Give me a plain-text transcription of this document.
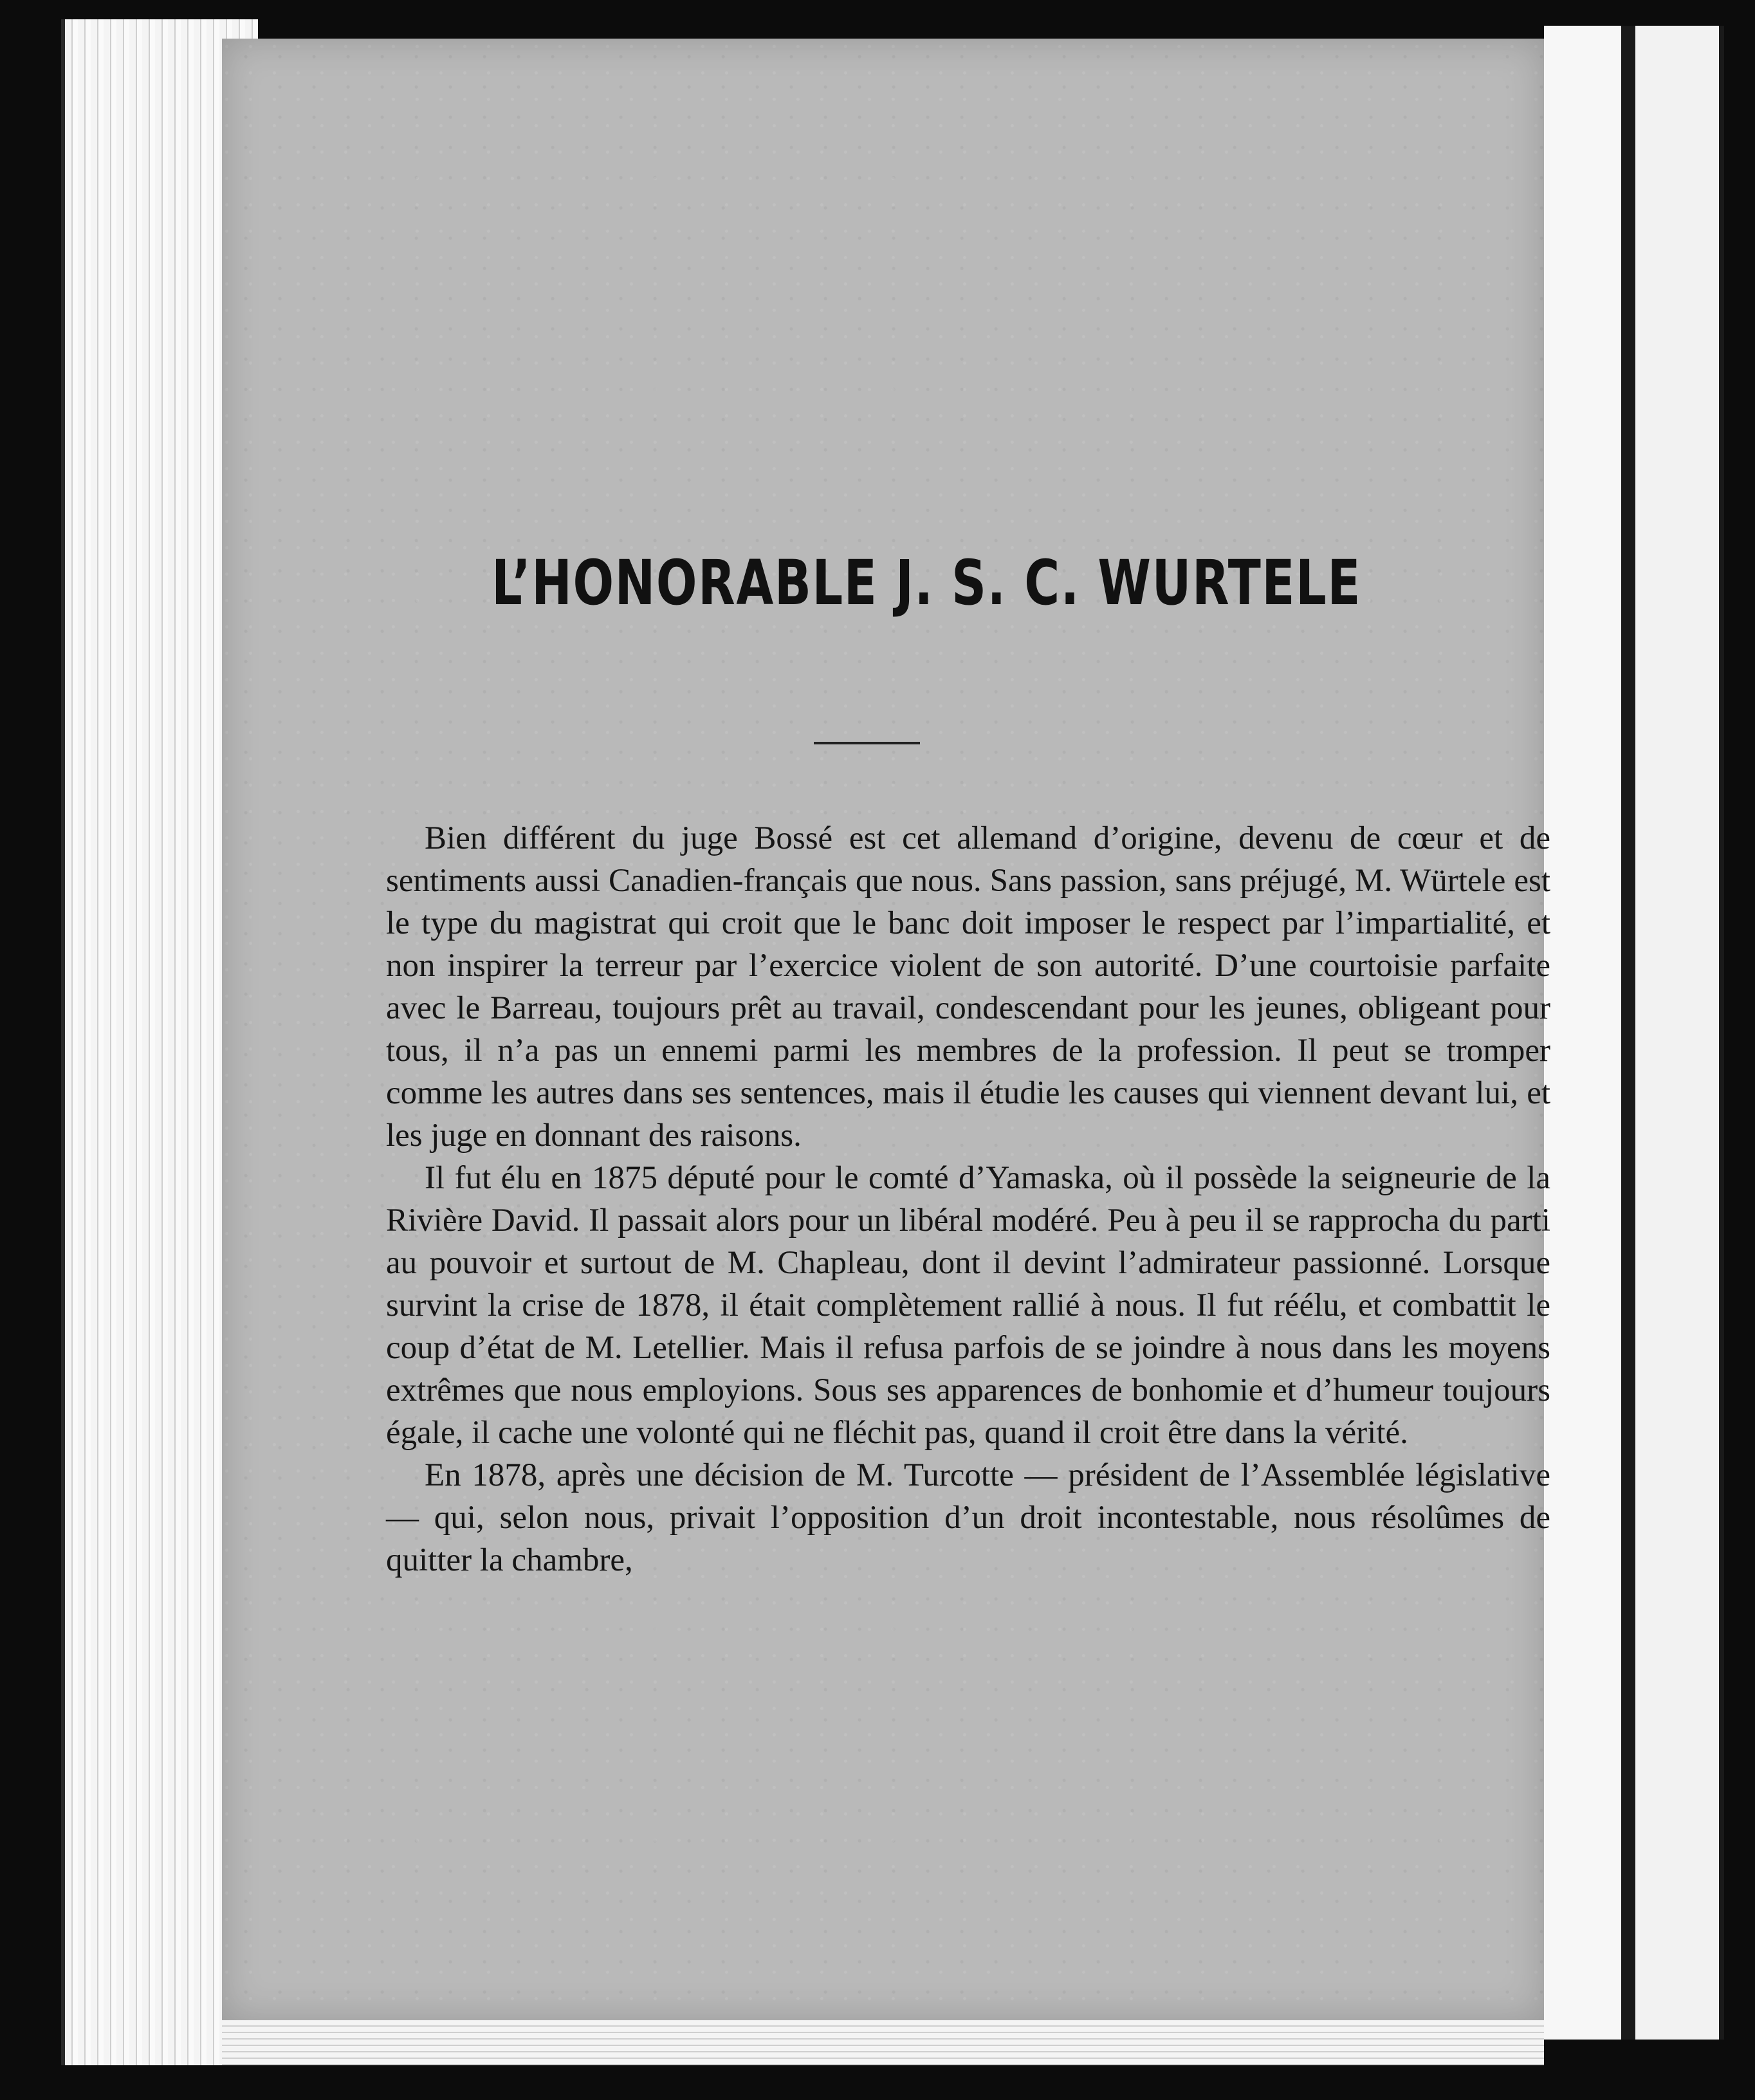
L’HONORABLE J. S. C. WURTELE

Bien différent du juge Bossé est cet allemand d’origine, devenu de cœur et de sentiments aussi Canadien-français que nous. Sans passion, sans préjugé, M. Würtele est le type du magistrat qui croit que le banc doit imposer le respect par l’impartialité, et non inspirer la terreur par l’exercice violent de son autorité. D’une courtoisie parfaite avec le Barreau, toujours prêt au travail, condescendant pour les jeunes, obligeant pour tous, il n’a pas un ennemi parmi les membres de la profession. Il peut se tromper comme les autres dans ses sentences, mais il étudie les causes qui viennent devant lui, et les juge en donnant des raisons.

Il fut élu en 1875 député pour le comté d’Yamaska, où il possède la seigneurie de la Rivière David. Il passait alors pour un libéral modéré. Peu à peu il se rapprocha du parti au pouvoir et surtout de M. Chapleau, dont il devint l’admirateur passionné. Lorsque survint la crise de 1878, il était complètement rallié à nous. Il fut réélu, et combattit le coup d’état de M. Letellier. Mais il refusa parfois de se joindre à nous dans les moyens extrêmes que nous employions. Sous ses apparences de bonhomie et d’humeur toujours égale, il cache une volonté qui ne fléchit pas, quand il croit être dans la vérité.

En 1878, après une décision de M. Turcotte — président de l’Assemblée législative — qui, selon nous, privait l’opposition d’un droit incontestable, nous résolûmes de quitter la chambre,
